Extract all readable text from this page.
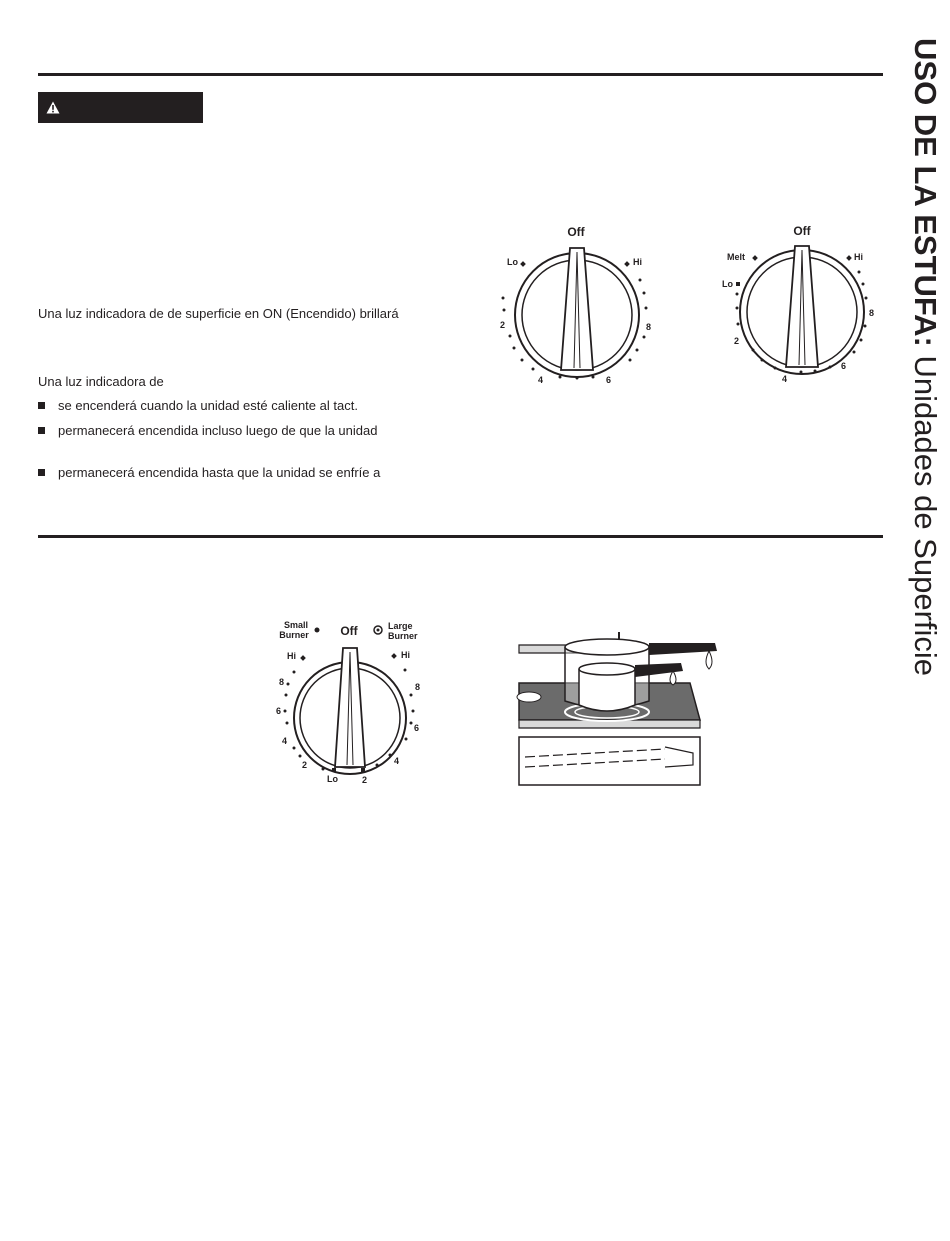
Una luz indicadora de de superficie en ON (Encendido) brillará
Una luz indicadora de
se encenderá cuando la unidad esté caliente al tact.
permanecerá encendida incluso luego de que la unidad
permanecerá encendida hasta que la unidad se enfríe a
USO DE LA ESTUFA: Unidades de Superficie
Off
Lo	Hi
2
4	6
8
Off
Melt
Lo
Hi
2
4
6
8
Small
Burner	Off	Large
Burner
Hi	Hi
8
6
4
2
Lo	2
4
6
8
